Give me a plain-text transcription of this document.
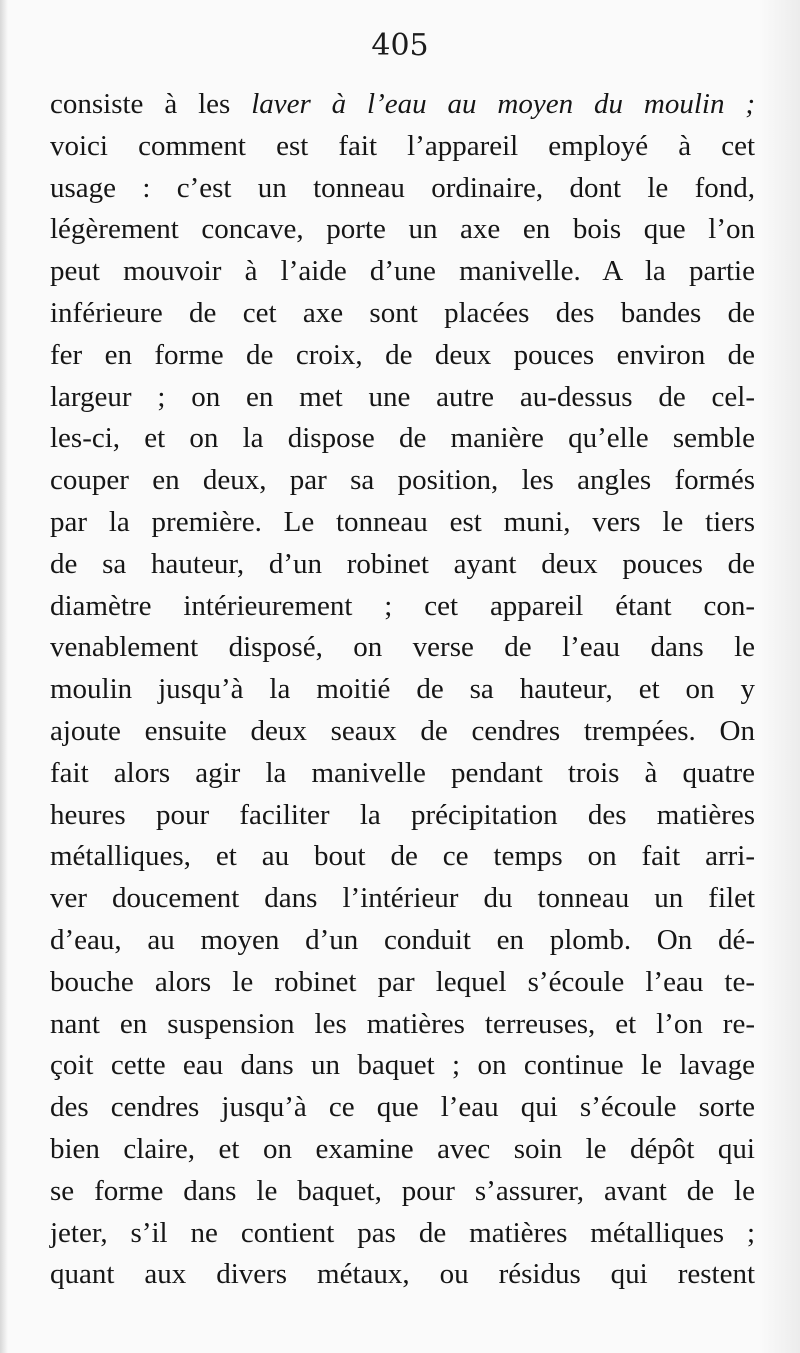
405
consiste à les laver à l’eau au moyen du moulin ;
voici comment est fait l’appareil employé à cet
usage : c’est un tonneau ordinaire, dont le fond,
légèrement concave, porte un axe en bois que l’on
peut mouvoir à l’aide d’une manivelle. A la partie
inférieure de cet axe sont placées des bandes de
fer en forme de croix, de deux pouces environ de
largeur ; on en met une autre au-dessus de cel-
les-ci, et on la dispose de manière qu’elle semble
couper en deux, par sa position, les angles formés
par la première. Le tonneau est muni, vers le tiers
de sa hauteur, d’un robinet ayant deux pouces de
diamètre intérieurement ; cet appareil étant con-
venablement disposé, on verse de l’eau dans le
moulin jusqu’à la moitié de sa hauteur, et on y
ajoute ensuite deux seaux de cendres trempées. On
fait alors agir la manivelle pendant trois à quatre
heures pour faciliter la précipitation des matières
métalliques, et au bout de ce temps on fait arri-
ver doucement dans l’intérieur du tonneau un filet
d’eau, au moyen d’un conduit en plomb. On dé-
bouche alors le robinet par lequel s’écoule l’eau te-
nant en suspension les matières terreuses, et l’on re-
çoit cette eau dans un baquet ; on continue le lavage
des cendres jusqu’à ce que l’eau qui s’écoule sorte
bien claire, et on examine avec soin le dépôt qui
se forme dans le baquet, pour s’assurer, avant de le
jeter, s’il ne contient pas de matières métalliques ;
quant aux divers métaux, ou résidus qui restent
